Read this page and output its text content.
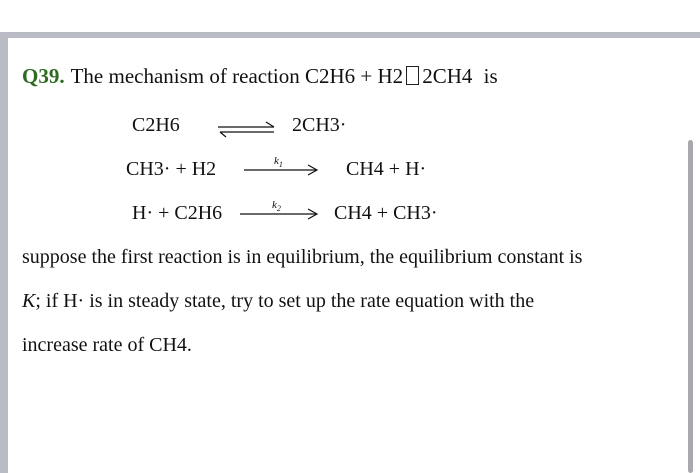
Q39. The mechanism of reaction C2H6 + H2 2CH4 is
C2H6	2CH3·
CH3· + H2	$k_1$	CH4 + H·
H· + C2H6	$k_2$	CH4 + CH3·
suppose the first reaction is in equilibrium, the equilibrium constant is
K; if H· is in steady state, try to set up the rate equation with the
increase rate of CH4.
